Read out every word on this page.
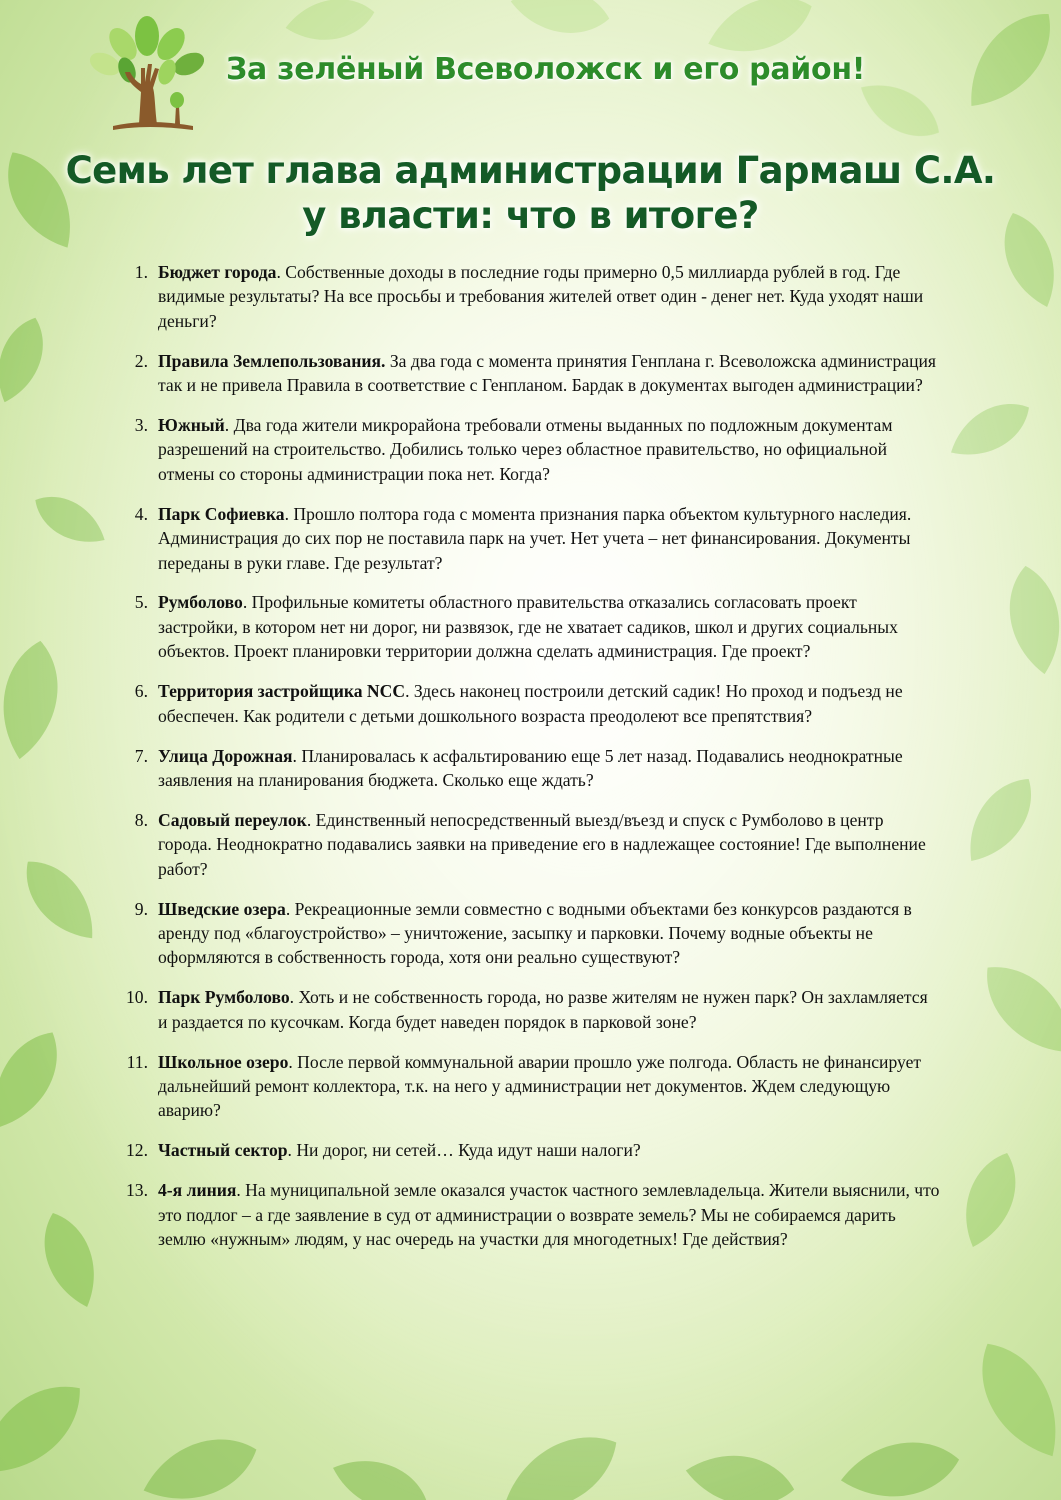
За зелёный Всеволожск и его район!
Семь лет глава администрации Гармаш С.А.
у власти: что в итоге?
1. Бюджет города. Собственные доходы в последние годы примерно 0,5 миллиарда рублей в год. Где видимые результаты? На все просьбы и требования жителей ответ один - денег нет. Куда уходят наши деньги?
2. Правила Землепользования. За два года с момента принятия Генплана г. Всеволожска администрация так и не привела Правила в соответствие с Генпланом. Бардак в документах выгоден администрации?
3. Южный. Два года жители микрорайона требовали отмены выданных по подложным документам разрешений на строительство. Добились только через областное правительство, но официальной отмены со стороны администрации пока нет. Когда?
4. Парк Софиевка. Прошло полтора года с момента признания парка объектом культурного наследия. Администрация до сих пор не поставила парк на учет. Нет учета – нет финансирования. Документы переданы в руки главе. Где результат?
5. Румболово. Профильные комитеты областного правительства отказались согласовать проект застройки, в котором нет ни дорог, ни развязок, где не хватает садиков, школ и других социальных объектов. Проект планировки территории должна сделать администрация. Где проект?
6. Территория застройщика NCC. Здесь наконец построили детский садик! Но проход и подъезд не обеспечен. Как родители с детьми дошкольного возраста преодолеют все препятствия?
7. Улица Дорожная. Планировалась к асфальтированию еще 5 лет назад. Подавались неоднократные заявления на планирования бюджета. Сколько еще ждать?
8. Садовый переулок. Единственный непосредственный выезд/въезд и спуск с Румболово в центр города. Неоднократно подавались заявки на приведение его в надлежащее состояние! Где выполнение работ?
9. Шведские озера. Рекреационные земли совместно с водными объектами без конкурсов раздаются в аренду под «благоустройство» – уничтожение, засыпку и парковки. Почему водные объекты не оформляются в собственность города, хотя они реально существуют?
10. Парк Румболово. Хоть и не собственность города, но разве жителям не нужен парк? Он захламляется и раздается по кусочкам. Когда будет наведен порядок в парковой зоне?
11. Школьное озеро. После первой коммунальной аварии прошло уже полгода. Область не финансирует дальнейший ремонт коллектора, т.к. на него у администрации нет документов. Ждем следующую аварию?
12. Частный сектор. Ни дорог, ни сетей… Куда идут наши налоги?
13. 4-я линия. На муниципальной земле оказался участок частного землевладельца. Жители выяснили, что это подлог – а где заявление в суд от администрации о возврате земель? Мы не собираемся дарить землю «нужным» людям, у нас очередь на участки для многодетных! Где действия?
